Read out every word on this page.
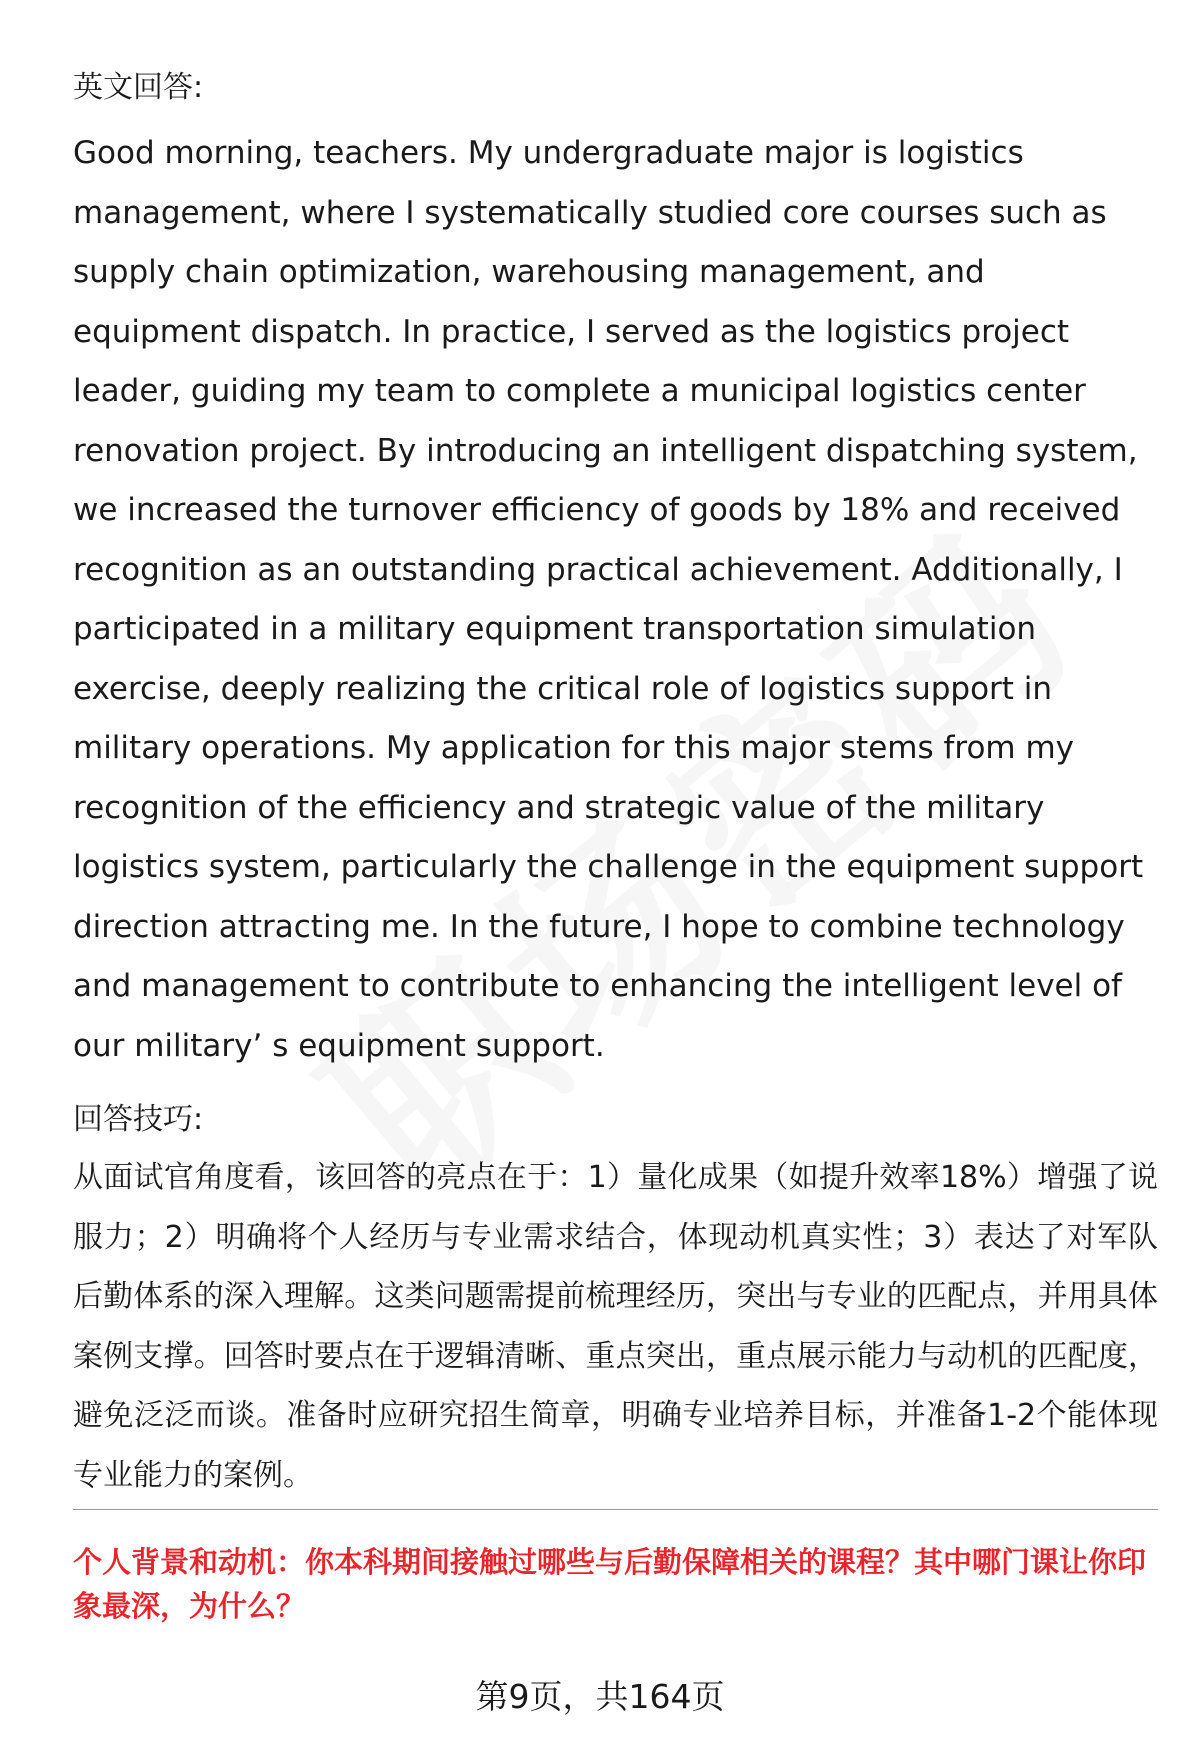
英文回答:

Good morning, teachers. My undergraduate major is logistics management, where I systematically studied core courses such as supply chain optimization, warehousing management, and equipment dispatch. In practice, I served as the logistics project leader, guiding my team to complete a municipal logistics center renovation project. By introducing an intelligent dispatching system, we increased the turnover efficiency of goods by 18% and received recognition as an outstanding practical achievement. Additionally, I participated in a military equipment transportation simulation exercise, deeply realizing the critical role of logistics support in military operations. My application for this major stems from my recognition of the efficiency and strategic value of the military logistics system, particularly the challenge in the equipment support direction attracting me. In the future, I hope to combine technology and management to contribute to enhancing the intelligent level of our military’ s equipment support.

回答技巧:

从面试官角度看，该回答的亮点在于：1）量化成果（如提升效率18%）增强了说服力；2）明确将个人经历与专业需求结合，体现动机真实性；3）表达了对军队后勤体系的深入理解。这类问题需提前梳理经历，突出与专业的匹配点，并用具体案例支撑。回答时要点在于逻辑清晰、重点突出，重点展示能力与动机的匹配度，避免泛泛而谈。准备时应研究招生简章，明确专业培养目标，并准备1-2个能体现专业能力的案例。

个人背景和动机：你本科期间接触过哪些与后勤保障相关的课程？其中哪门课让你印象最深，为什么？

第9页，共164页
